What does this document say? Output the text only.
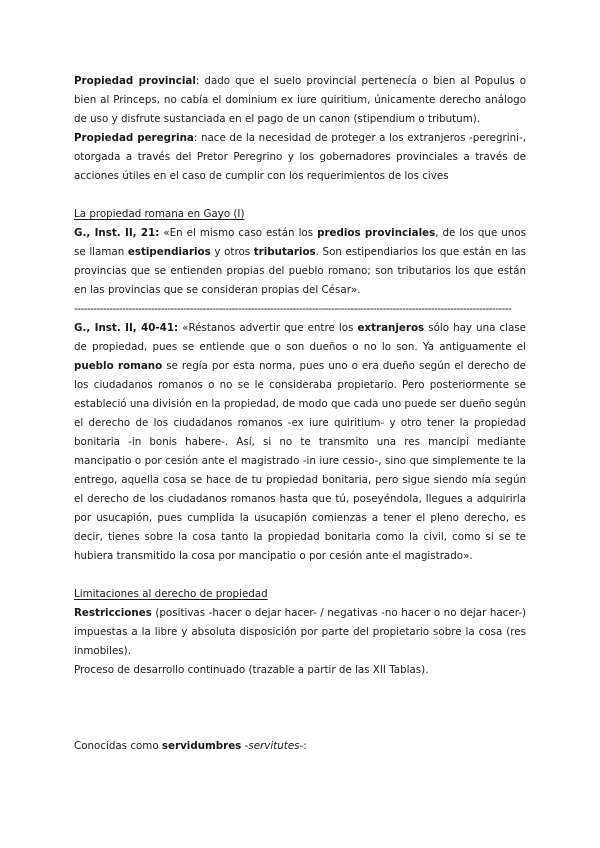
Propiedad provincial: dado que el suelo provincial pertenecía o bien al Populus o bien al Princeps, no cabía el dominium ex iure quiritium, únicamente derecho análogo de uso y disfrute sustanciada en el pago de un canon (stipendium o tributum).

Propiedad peregrina: nace de la necesidad de proteger a los extranjeros -peregrini-, otorgada a través del Pretor Peregrino y los gobernadores provinciales a través de acciones útiles en el caso de cumplir con los requerimientos de los cives

La propiedad romana en Gayo (I)

G., Inst. II, 21: «En el mismo caso están los predios provinciales, de los que unos se llaman estipendiarios y otros tributarios. Son estipendiarios los que están en las provincias que se entienden propias del pueblo romano; son tributarios los que están en las provincias que se consideran propias del César».

----------------------------------------------------------------------------------------------------------------------------------------

G., Inst. II, 40-41: «Réstanos advertir que entre los extranjeros sólo hay una clase de propiedad, pues se entiende que o son dueños o no lo son. Ya antiguamente el pueblo romano se regía por esta norma, pues uno o era dueño según el derecho de los ciudadanos romanos o no se le consideraba propietario. Pero posteriormente se estableció una división en la propiedad, de modo que cada uno puede ser dueño según el derecho de los ciudadanos romanos -ex iure quiritium- y otro tener la propiedad bonitaria -in bonis habere-. Así, si no te transmito una res mancipi mediante mancipatio o por cesión ante el magistrado -in iure cessio-, sino que simplemente te la entrego, aquella cosa se hace de tu propiedad bonitaria, pero sigue siendo mía según el derecho de los ciudadanos romanos hasta que tú, poseyéndola, llegues a adquirirla por usucapión, pues cumplida la usucapión comienzas a tener el pleno derecho, es decir, tienes sobre la cosa tanto la propiedad bonitaria como la civil, como si se te hubiera transmitido la cosa por mancipatio o por cesión ante el magistrado».

Limitaciones al derecho de propiedad

Restricciones (positivas -hacer o dejar hacer- / negativas -no hacer o no dejar hacer-) impuestas a la libre y absoluta disposición por parte del propietario sobre la cosa (res inmobiles).

Proceso de desarrollo continuado (trazable a partir de las XII Tablas).

Conocidas como servidumbres -servitutes-:
